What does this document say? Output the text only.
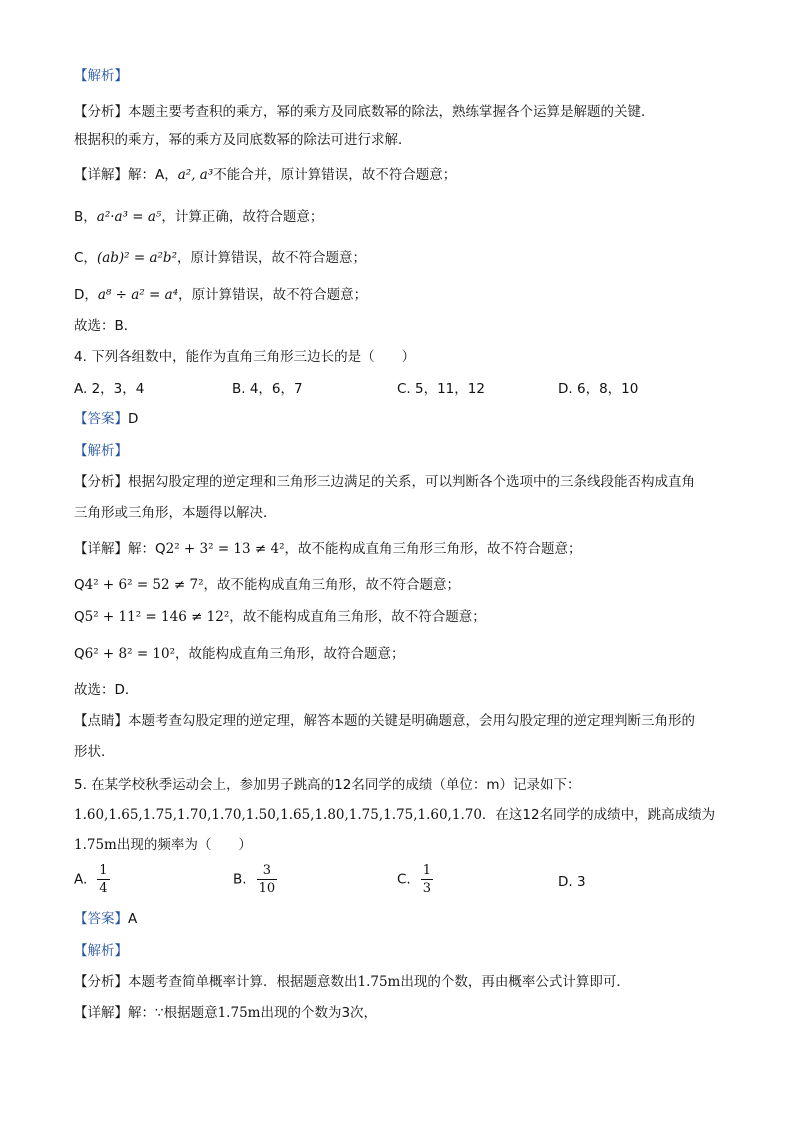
【解析】
【分析】本题主要考查积的乘方，幂的乘方及同底数幂的除法，熟练掌握各个运算是解题的关键．
根据积的乘方，幂的乘方及同底数幂的除法可进行求解．
【详解】解：A，a², a³不能合并，原计算错误，故不符合题意；
B，a²·a³ = a⁵，计算正确，故符合题意；
C，(ab)² = a²b²，原计算错误，故不符合题意；
D，a⁸ ÷ a² = a⁴，原计算错误，故不符合题意；
故选：B．
4. 下列各组数中，能作为直角三角形三边长的是（　　）
A. 2，3，4	B. 4，6，7	C. 5，11，12	D. 6，8，10
【答案】D
【解析】
【分析】根据勾股定理的逆定理和三角形三边满足的关系，可以判断各个选项中的三条线段能否构成直角
三角形或三角形，本题得以解决．
【详解】解：Q2² + 3² = 13 ≠ 4²，故不能构成直角三角形三角形，故不符合题意；
Q4² + 6² = 52 ≠ 7²，故不能构成直角三角形，故不符合题意；
Q5² + 11² = 146 ≠ 12²，故不能构成直角三角形，故不符合题意；
Q6² + 8² = 10²，故能构成直角三角形，故符合题意；
故选：D．
【点睛】本题考查勾股定理的逆定理，解答本题的关键是明确题意，会用勾股定理的逆定理判断三角形的
形状．
5. 在某学校秋季运动会上，参加男子跳高的12名同学的成绩（单位：m）记录如下：
1.60,1.65,1.75,1.70,1.70,1.50,1.65,1.80,1.75,1.75,1.60,1.70．在这12名同学的成绩中，跳高成绩为
1.75m出现的频率为（　　）
A. $\frac{1}{4}$	B. $\frac{3}{10}$	C. $\frac{1}{3}$	D. 3
【答案】A
【解析】
【分析】本题考查简单概率计算．根据题意数出1.75m出现的个数，再由概率公式计算即可．
【详解】解：∵根据题意1.75m出现的个数为3次，
